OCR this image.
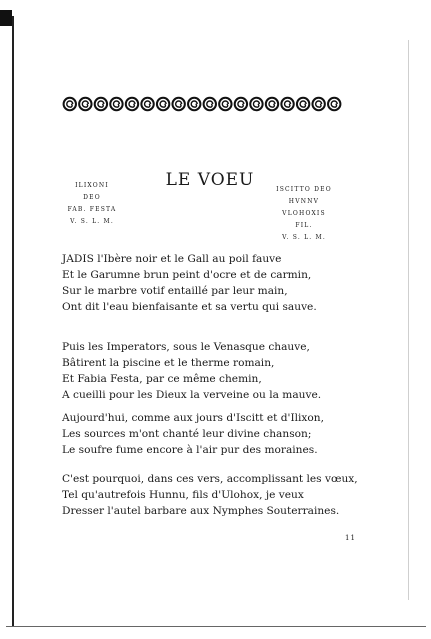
LE VOEU
ILIXONI
DEO
FAB. FESTA
V. S. L. M.
ISCITTO DEO
HVNNV
VLOHOXIS
FIL.
V. S. L. M.
JADIS l'Ibère noir et le Gall au poil fauve
Et le Garumne brun peint d'ocre et de carmin,
Sur le marbre votif entaillé par leur main,
Ont dit l'eau bienfaisante et sa vertu qui sauve.
Puis les Imperators, sous le Venasque chauve,
Bâtirent la piscine et le therme romain,
Et Fabia Festa, par ce même chemin,
A cueilli pour les Dieux la verveine ou la mauve.
Aujourd'hui, comme aux jours d'Iscitt et d'Ilixon,
Les sources m'ont chanté leur divine chanson;
Le soufre fume encore à l'air pur des moraines.
C'est pourquoi, dans ces vers, accomplissant les vœux,
Tel qu'autrefois Hunnu, fils d'Ulohox, je veux
Dresser l'autel barbare aux Nymphes Souterraines.
11
